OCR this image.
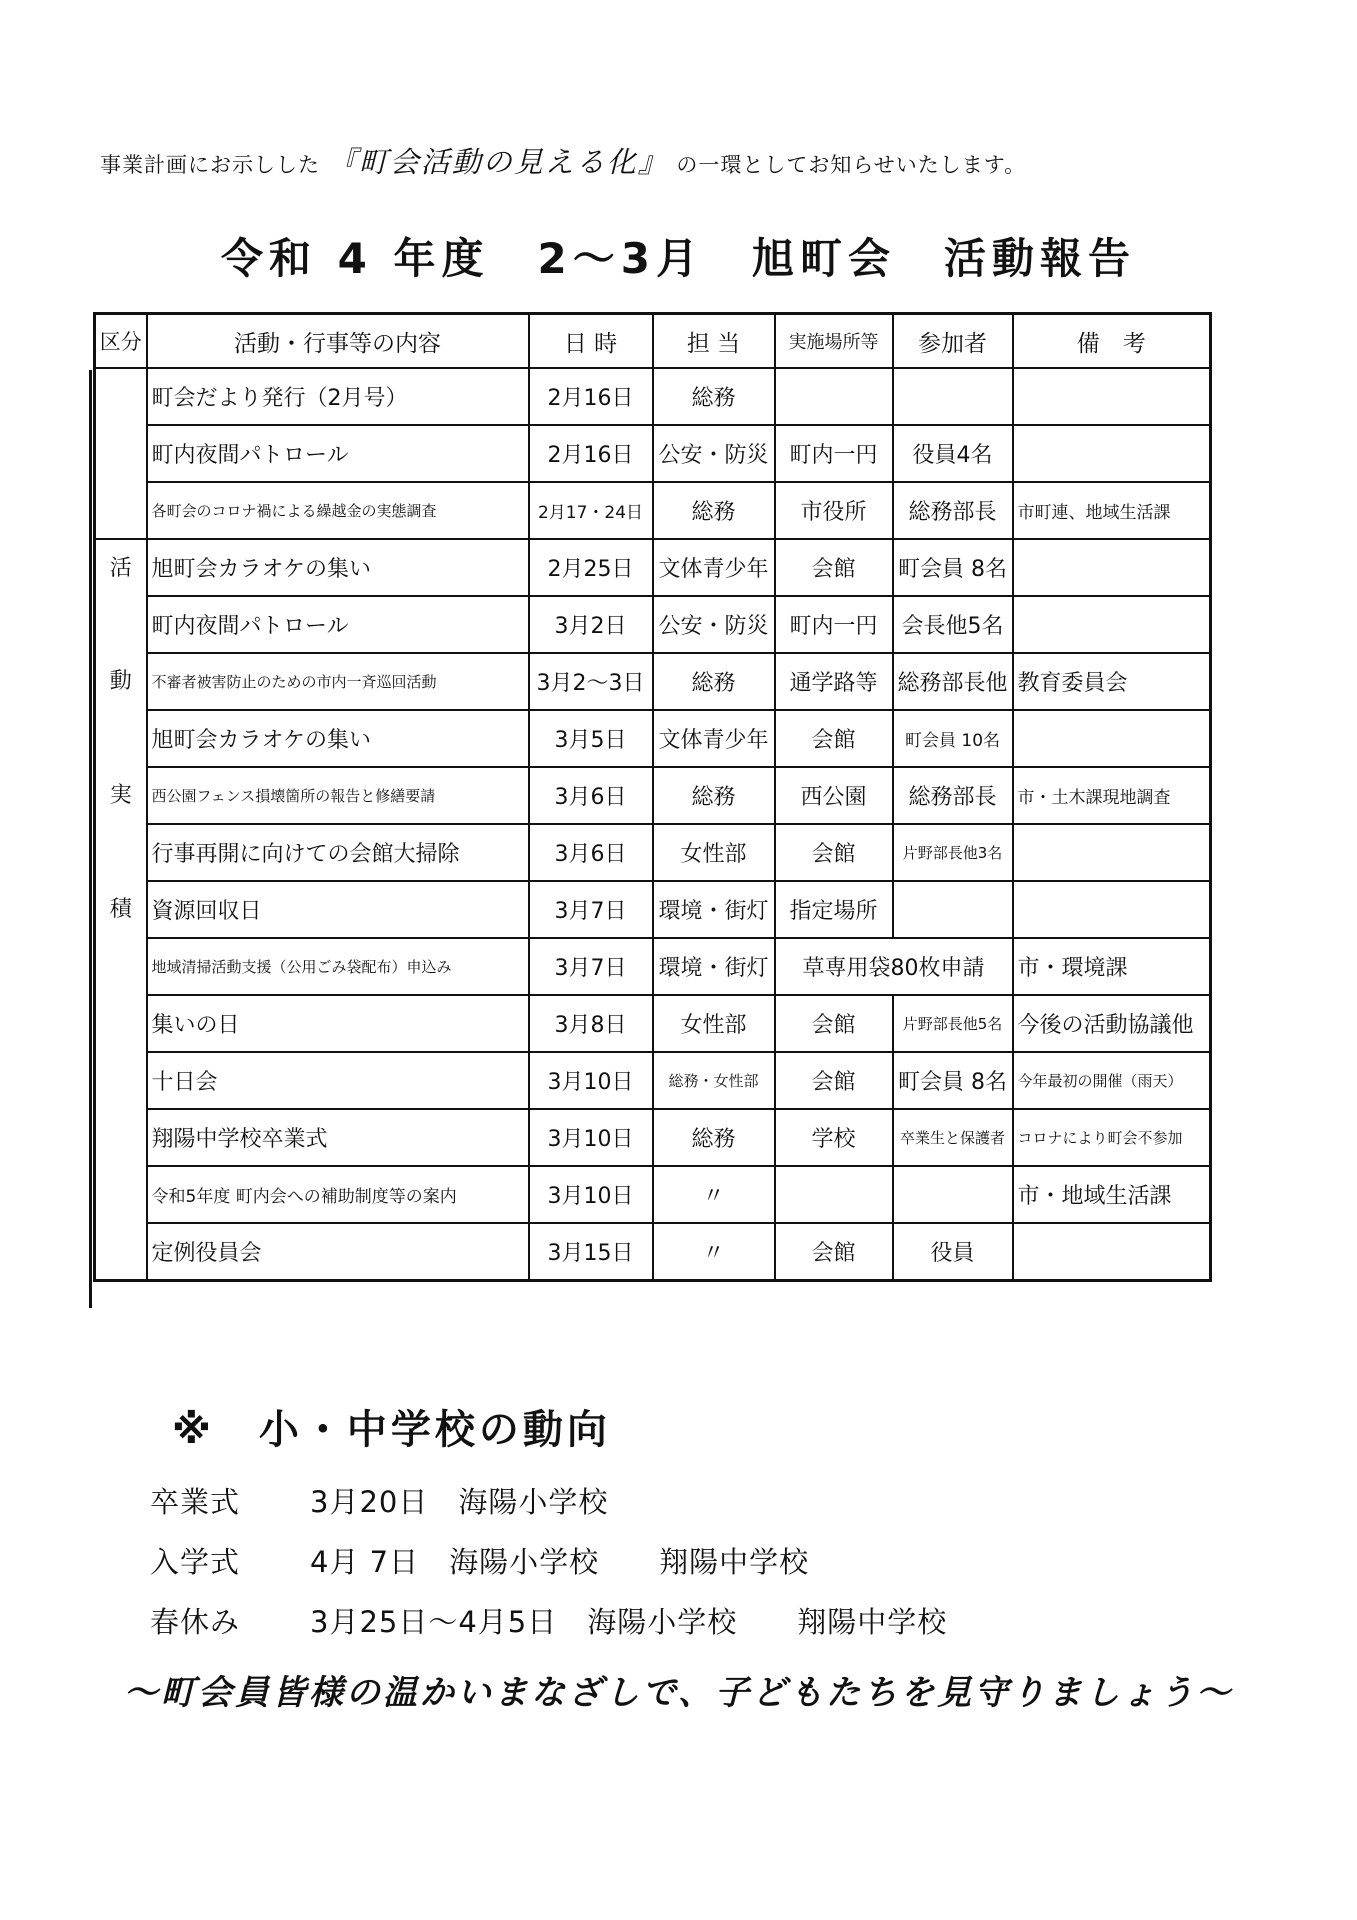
事業計画にお示しした 『町会活動の見える化』 の一環としてお知らせいたします。
令和 4 年度　2～3月　旭町会　活動報告
区分	活動・行事等の内容	日 時	担 当	実施場所等	参加者	備　考
	町会だより発行（2月号）	2月16日	総務			
	町内夜間パトロール	2月16日	公安・防災	町内一円	役員4名	
	各町会のコロナ禍による繰越金の実態調査	2月17・24日	総務	市役所	総務部長	市町連、地域生活課
活	旭町会カラオケの集い	2月25日	文体青少年	会館	町会員 8名	
	町内夜間パトロール	3月2日	公安・防災	町内一円	会長他5名	
動	不審者被害防止のための市内一斉巡回活動	3月2～3日	総務	通学路等	総務部長他	教育委員会
	旭町会カラオケの集い	3月5日	文体青少年	会館	町会員 10名	
実	西公園フェンス損壊箇所の報告と修繕要請	3月6日	総務	西公園	総務部長	市・土木課現地調査
	行事再開に向けての会館大掃除	3月6日	女性部	会館	片野部長他3名	
積	資源回収日	3月7日	環境・街灯	指定場所		
	地域清掃活動支援（公用ごみ袋配布）申込み	3月7日	環境・街灯	草専用袋80枚申請		市・環境課
	集いの日	3月8日	女性部	会館	片野部長他5名	今後の活動協議他
	十日会	3月10日	総務・女性部	会館	町会員 8名	今年最初の開催（雨天）
	翔陽中学校卒業式	3月10日	総務	学校	卒業生と保護者	コロナにより町会不参加
	令和5年度 町内会への補助制度等の案内	3月10日	〃			市・地域生活課
	定例役員会	3月15日	〃	会館	役員	
※　小・中学校の動向
卒業式 3月20日 海陽小学校
入学式 4月 7日 海陽小学校 翔陽中学校
春休み 3月25日～4月5日 海陽小学校 翔陽中学校
～町会員皆様の温かいまなざしで、子どもたちを見守りましょう～
